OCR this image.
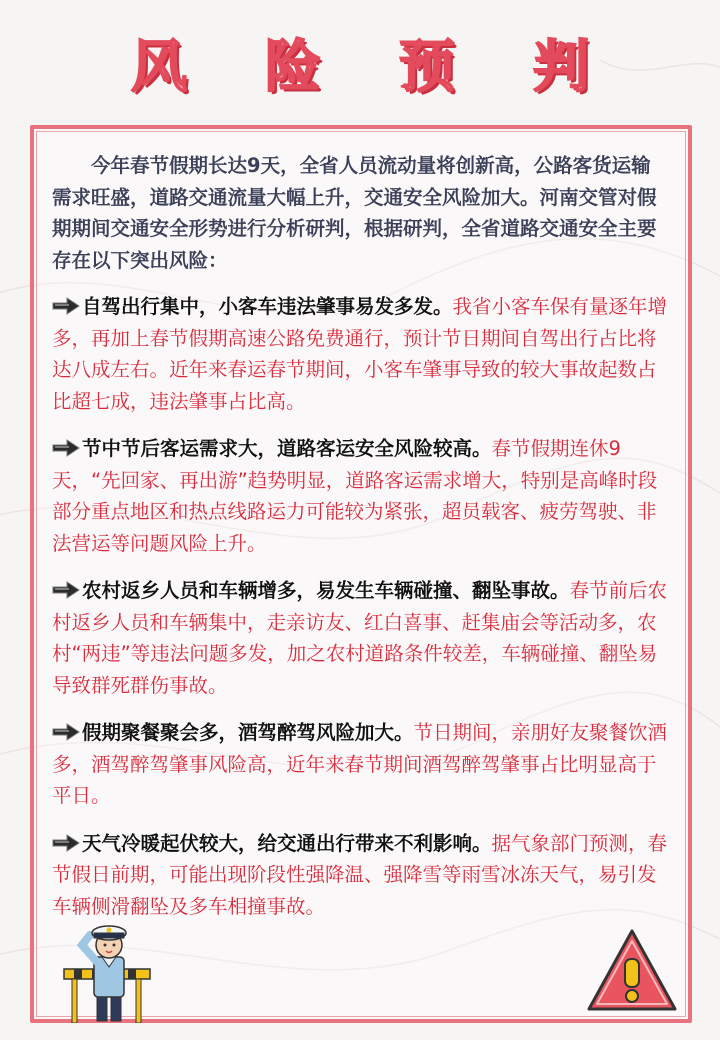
风 险 预 判

今年春节假期长达9天，全省人员流动量将创新高，公路客货运输需求旺盛，道路交通流量大幅上升，交通安全风险加大。河南交管对假期期间交通安全形势进行分析研判，根据研判，全省道路交通安全主要存在以下突出风险：

自驾出行集中，小客车违法肇事易发多发。我省小客车保有量逐年增多，再加上春节假期高速公路免费通行，预计节日期间自驾出行占比将达八成左右。近年来春运春节期间，小客车肇事导致的较大事故起数占比超七成，违法肇事占比高。

节中节后客运需求大，道路客运安全风险较高。春节假期连休9天，“先回家、再出游”趋势明显，道路客运需求增大，特别是高峰时段部分重点地区和热点线路运力可能较为紧张，超员载客、疲劳驾驶、非法营运等问题风险上升。

农村返乡人员和车辆增多，易发生车辆碰撞、翻坠事故。春节前后农村返乡人员和车辆集中，走亲访友、红白喜事、赶集庙会等活动多，农村“两违”等违法问题多发，加之农村道路条件较差，车辆碰撞、翻坠易导致群死群伤事故。

假期聚餐聚会多，酒驾醉驾风险加大。节日期间，亲朋好友聚餐饮酒多，酒驾醉驾肇事风险高，近年来春节期间酒驾醉驾肇事占比明显高于平日。

天气冷暖起伏较大，给交通出行带来不利影响。据气象部门预测，春节假日前期，可能出现阶段性强降温、强降雪等雨雪冰冻天气，易引发车辆侧滑翻坠及多车相撞事故。
